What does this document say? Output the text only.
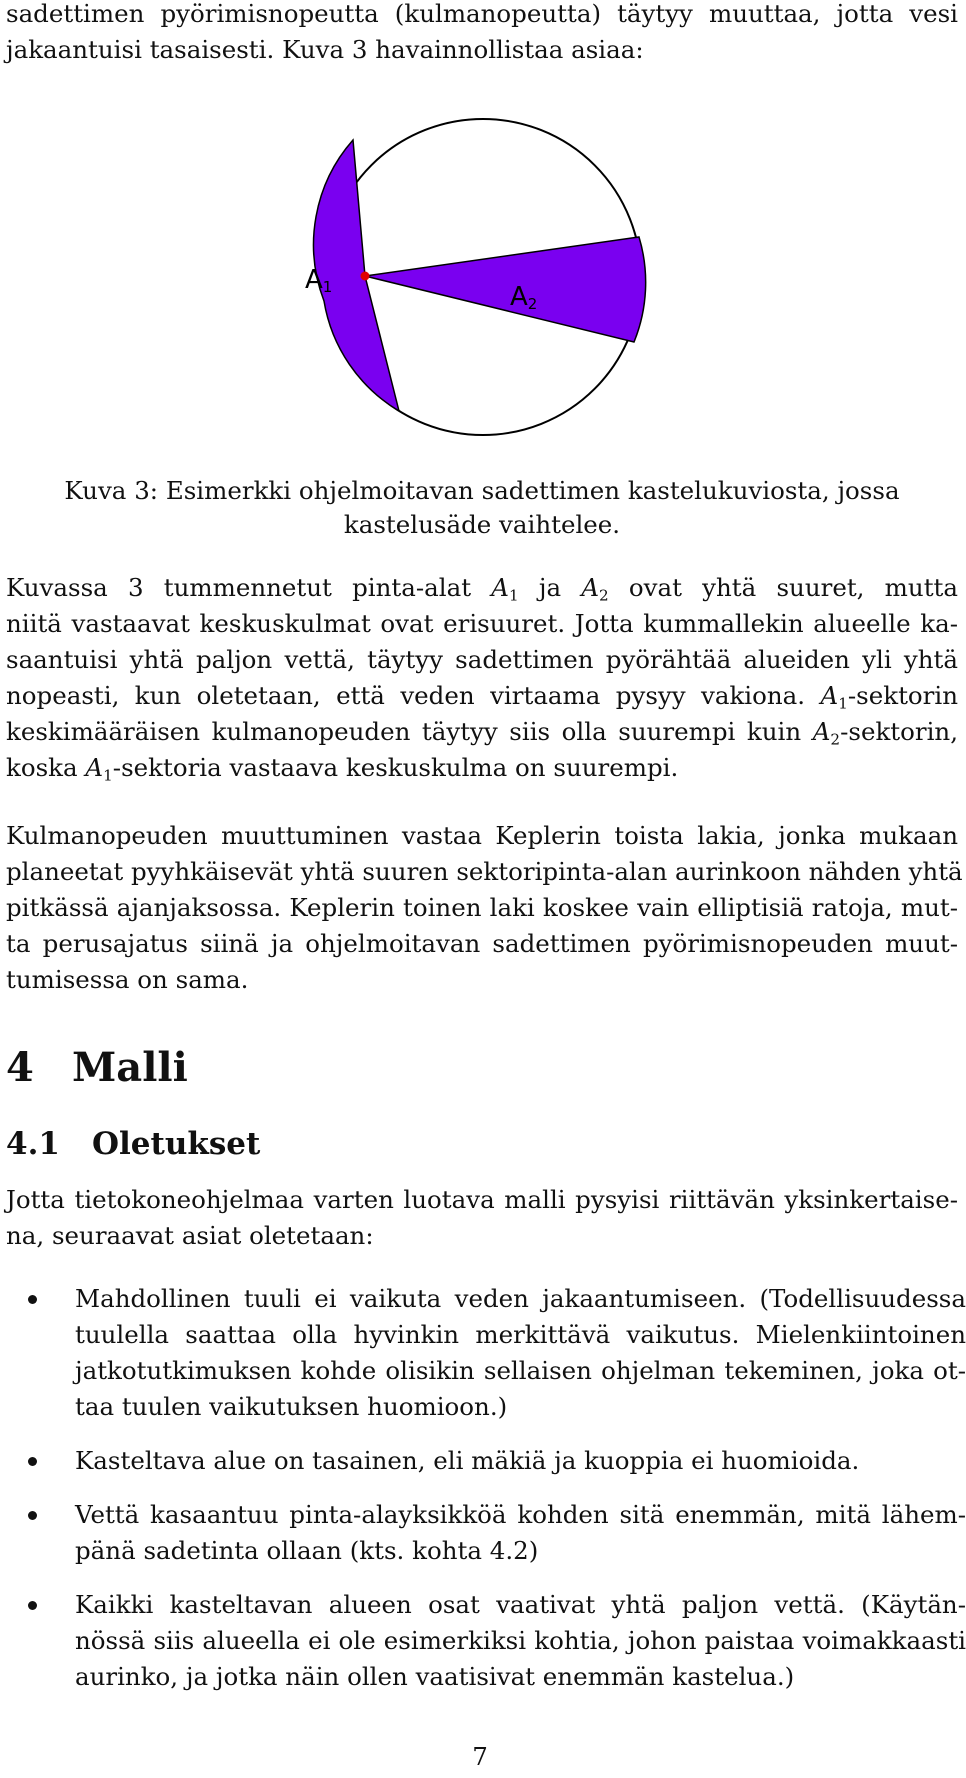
sadettimen pyörimisnopeutta (kulmanopeutta) täytyy muuttaa, jotta vesi
jakaantuisi tasaisesti. Kuva 3 havainnollistaa asiaa:
A1	A2
Kuva 3: Esimerkki ohjelmoitavan sadettimen kastelukuviosta, jossa
kastelusäde vaihtelee.
Kuvassa 3 tummennetut pinta-alat $A_1$ ja $A_2$ ovat yhtä suuret, mutta
niitä vastaavat keskuskulmat ovat erisuuret. Jotta kummallekin alueelle ka-
saantuisi yhtä paljon vettä, täytyy sadettimen pyörähtää alueiden yli yhtä
nopeasti, kun oletetaan, että veden virtaama pysyy vakiona. $A_1$-sektorin
keskimääräisen kulmanopeuden täytyy siis olla suurempi kuin $A_2$-sektorin,
koska $A_1$-sektoria vastaava keskuskulma on suurempi.
Kulmanopeuden muuttuminen vastaa Keplerin toista lakia, jonka mukaan
planeetat pyyhkäisevät yhtä suuren sektoripinta-alan aurinkoon nähden yhtä
pitkässä ajanjaksossa. Keplerin toinen laki koskee vain elliptisiä ratoja, mut-
ta perusajatus siinä ja ohjelmoitavan sadettimen pyörimisnopeuden muut-
tumisessa on sama.
4 Malli
4.1 Oletukset
Jotta tietokoneohjelmaa varten luotava malli pysyisi riittävän yksinkertaise-
na, seuraavat asiat oletetaan:
Mahdollinen tuuli ei vaikuta veden jakaantumiseen. (Todellisuudessa
tuulella saattaa olla hyvinkin merkittävä vaikutus. Mielenkiintoinen
jatkotutkimuksen kohde olisikin sellaisen ohjelman tekeminen, joka ot-
taa tuulen vaikutuksen huomioon.)
Kasteltava alue on tasainen, eli mäkiä ja kuoppia ei huomioida.
Vettä kasaantuu pinta-alayksikköä kohden sitä enemmän, mitä lähem-
pänä sadetinta ollaan (kts. kohta 4.2)
Kaikki kasteltavan alueen osat vaativat yhtä paljon vettä. (Käytän-
nössä siis alueella ei ole esimerkiksi kohtia, johon paistaa voimakkaasti
aurinko, ja jotka näin ollen vaatisivat enemmän kastelua.)
7
